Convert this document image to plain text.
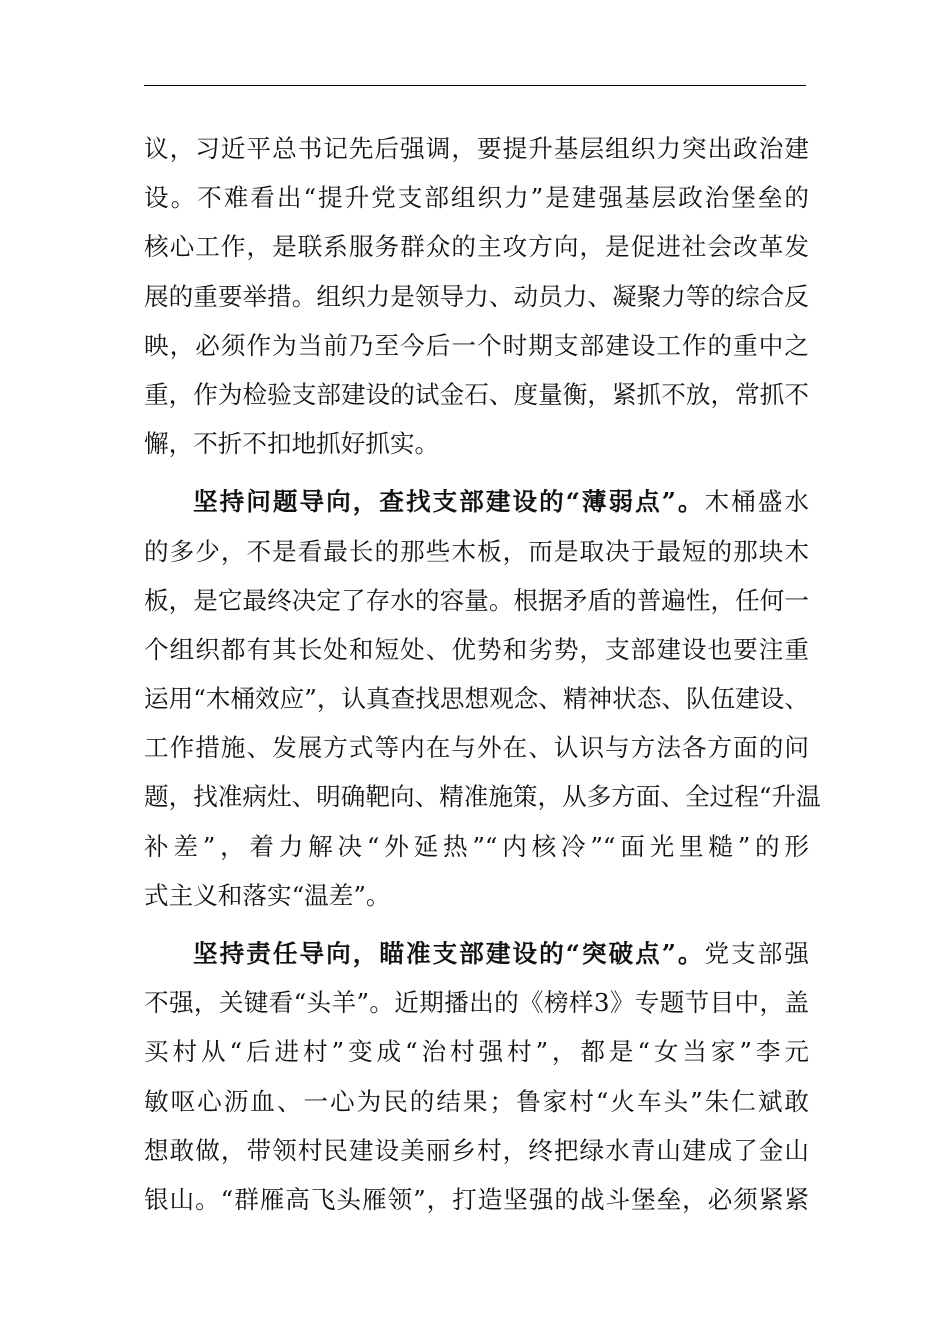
议，习近平总书记先后强调，要提升基层组织力突出政治建
设。不难看出“提升党支部组织力”是建强基层政治堡垒的
核心工作，是联系服务群众的主攻方向，是促进社会改革发
展的重要举措。组织力是领导力、动员力、凝聚力等的综合反
映，必须作为当前乃至今后一个时期支部建设工作的重中之
重，作为检验支部建设的试金石、度量衡，紧抓不放，常抓不
懈，不折不扣地抓好抓实。
坚持问题导向，查找支部建设的“薄弱点”。木桶盛水
的多少，不是看最长的那些木板，而是取决于最短的那块木
板，是它最终决定了存水的容量。根据矛盾的普遍性，任何一
个组织都有其长处和短处、优势和劣势，支部建设也要注重
运用“木桶效应”，认真查找思想观念、精神状态、队伍建设、
工作措施、发展方式等内在与外在、认识与方法各方面的问
题，找准病灶、明确靶向、精准施策，从多方面、全过程“升温
补差”，着力解决“外延热”“内核冷”“面光里糙”的形
式主义和落实“温差”。
坚持责任导向，瞄准支部建设的“突破点”。党支部强
不强，关键看“头羊”。近期播出的《榜样3》专题节目中，盖
买村从“后进村”变成“治村强村”，都是“女当家”李元
敏呕心沥血、一心为民的结果；鲁家村“火车头”朱仁斌敢
想敢做，带领村民建设美丽乡村，终把绿水青山建成了金山
银山。“群雁高飞头雁领”，打造坚强的战斗堡垒，必须紧紧
